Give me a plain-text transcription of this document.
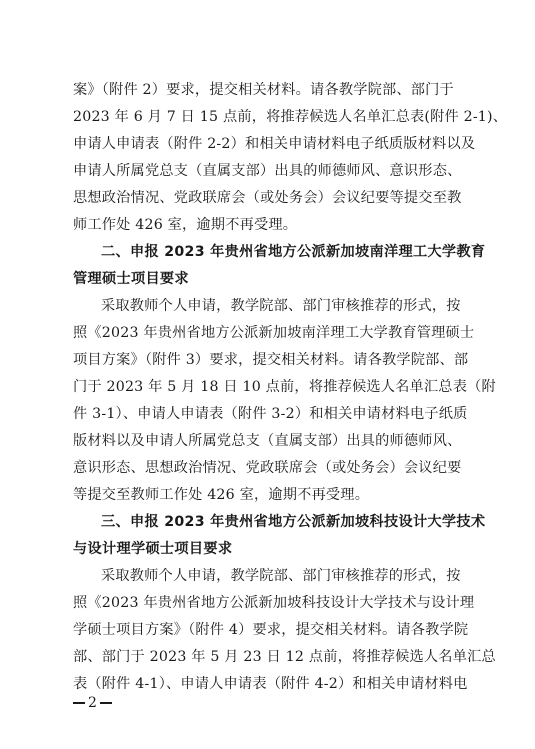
案》（附件 2）要求，提交相关材料。请各教学院部、部门于
2023 年 6 月 7 日 15 点前，将推荐候选人名单汇总表(附件 2-1)、
申请人申请表（附件 2-2）和相关申请材料电子纸质版材料以及
申请人所属党总支（直属支部）出具的师德师风、意识形态、
思想政治情况、党政联席会（或处务会）会议纪要等提交至教
师工作处 426 室，逾期不再受理。
二、申报 2023 年贵州省地方公派新加坡南洋理工大学教育
管理硕士项目要求
采取教师个人申请，教学院部、部门审核推荐的形式，按
照《2023 年贵州省地方公派新加坡南洋理工大学教育管理硕士
项目方案》（附件 3）要求，提交相关材料。请各教学院部、部
门于 2023 年 5 月 18 日 10 点前，将推荐候选人名单汇总表（附
件 3-1）、申请人申请表（附件 3-2）和相关申请材料电子纸质
版材料以及申请人所属党总支（直属支部）出具的师德师风、
意识形态、思想政治情况、党政联席会（或处务会）会议纪要
等提交至教师工作处 426 室，逾期不再受理。
三、申报 2023 年贵州省地方公派新加坡科技设计大学技术
与设计理学硕士项目要求
采取教师个人申请，教学院部、部门审核推荐的形式，按
照《2023 年贵州省地方公派新加坡科技设计大学技术与设计理
学硕士项目方案》（附件 4）要求，提交相关材料。请各教学院
部、部门于 2023 年 5 月 23 日 12 点前，将推荐候选人名单汇总
2
表（附件 4-1）、申请人申请表（附件 4-2）和相关申请材料电
